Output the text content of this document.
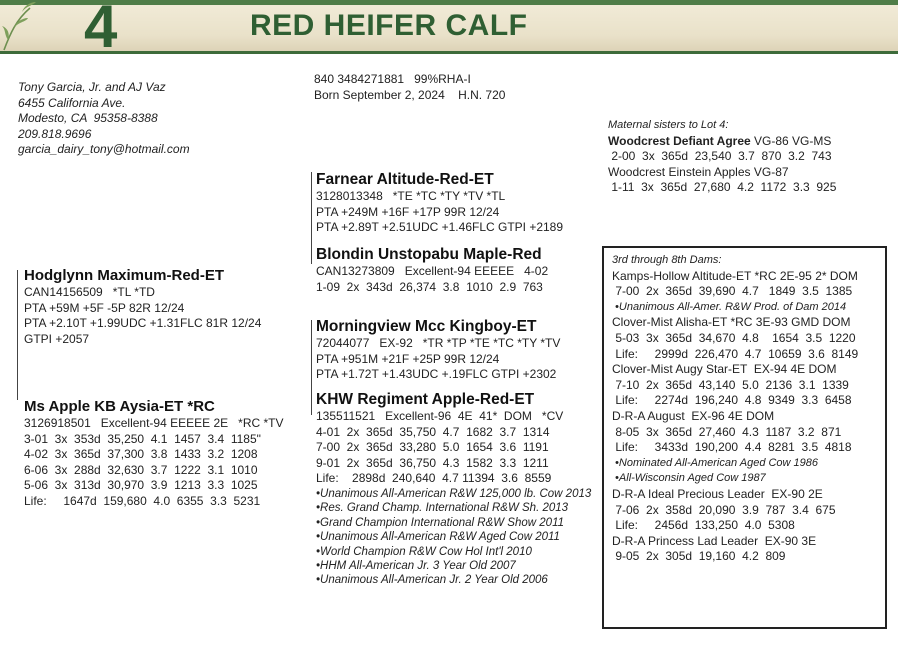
4	RED HEIFER CALF
Tony Garcia, Jr. and AJ Vaz
6455 California Ave.
Modesto, CA  95358-8388
209.818.9696
garcia_dairy_tony@hotmail.com
840 3484271881   99%RHA-I
Born September 2, 2024    H.N. 720
Maternal sisters to Lot 4:
Woodcrest Defiant Agree VG-86 VG-MS
2-00  3x  365d  23,540  3.7  870  3.2  743
Woodcrest Einstein Apples VG-87
1-11  3x  365d  27,680  4.2  1172  3.3  925
Farnear Altitude-Red-ET
3128013348   *TE *TC *TY *TV *TL
PTA +249M +16F +17P 99R 12/24
PTA +2.89T +2.51UDC +1.46FLC GTPI +2189
Blondin Unstopabu Maple-Red
CAN13273809   Excellent-94 EEEEE   4-02
1-09  2x  343d  26,374  3.8  1010  2.9  763
Hodglynn Maximum-Red-ET
CAN14156509   *TL *TD
PTA +59M +5F -5P 82R 12/24
PTA +2.10T +1.99UDC +1.31FLC 81R 12/24
GTPI +2057
Morningview Mcc Kingboy-ET
72044077   EX-92   *TR *TP *TE *TC *TY *TV
PTA +951M +21F +25P 99R 12/24
PTA +1.72T +1.43UDC +.19FLC GTPI +2302
Ms Apple KB Aysia-ET *RC
3126918501   Excellent-94 EEEEE 2E   *RC *TV
3-01  3x  353d  35,250  4.1  1457  3.4  1185"
4-02  3x  365d  37,300  3.8  1433  3.2  1208
6-06  3x  288d  32,630  3.7  1222  3.1  1010
5-06  3x  313d  30,970  3.9  1213  3.3  1025
Life:     1647d  159,680  4.0  6355  3.3  5231
KHW Regiment Apple-Red-ET
135511521   Excellent-96  4E  41*  DOM   *CV
4-01  2x  365d  35,750  4.7  1682  3.7  1314
7-00  2x  365d  33,280  5.0  1654  3.6  1191
9-01  2x  365d  36,750  4.3  1582  3.3  1211
Life:    2898d  240,640  4.7 11394  3.6  8559
•Unanimous All-American R&W 125,000 lb. Cow 2013
•Res. Grand Champ. International R&W Sh. 2013
•Grand Champion International R&W Show 2011
•Unanimous All-American R&W Aged Cow 2011
•World Champion R&W Cow Hol Int'l 2010
•HHM All-American Jr. 3 Year Old 2007
•Unanimous All-American Jr. 2 Year Old 2006
3rd through 8th Dams:
Kamps-Hollow Altitude-ET *RC 2E-95 2* DOM
7-00  2x  365d  39,690  4.7   1849  3.5  1385
•Unanimous All-Amer. R&W Prod. of Dam 2014
Clover-Mist Alisha-ET *RC 3E-93 GMD DOM
5-03  3x  365d  34,670  4.8    1654  3.5  1220
Life:     2999d  226,470  4.7  10659  3.6  8149
Clover-Mist Augy Star-ET  EX-94 4E DOM
7-10  2x  365d  43,140  5.0  2136  3.1  1339
Life:     2274d  196,240  4.8  9349  3.3  6458
D-R-A August  EX-96 4E DOM
8-05  3x  365d  27,460  4.3  1187  3.2  871
Life:     3433d  190,200  4.4  8281  3.5  4818
•Nominated All-American Aged Cow 1986
•All-Wisconsin Aged Cow 1987
D-R-A Ideal Precious Leader  EX-90 2E
7-06  2x  358d  20,090  3.9  787  3.4  675
Life:     2456d  133,250  4.0  5308
D-R-A Princess Lad Leader  EX-90 3E
9-05  2x  305d  19,160  4.2  809
